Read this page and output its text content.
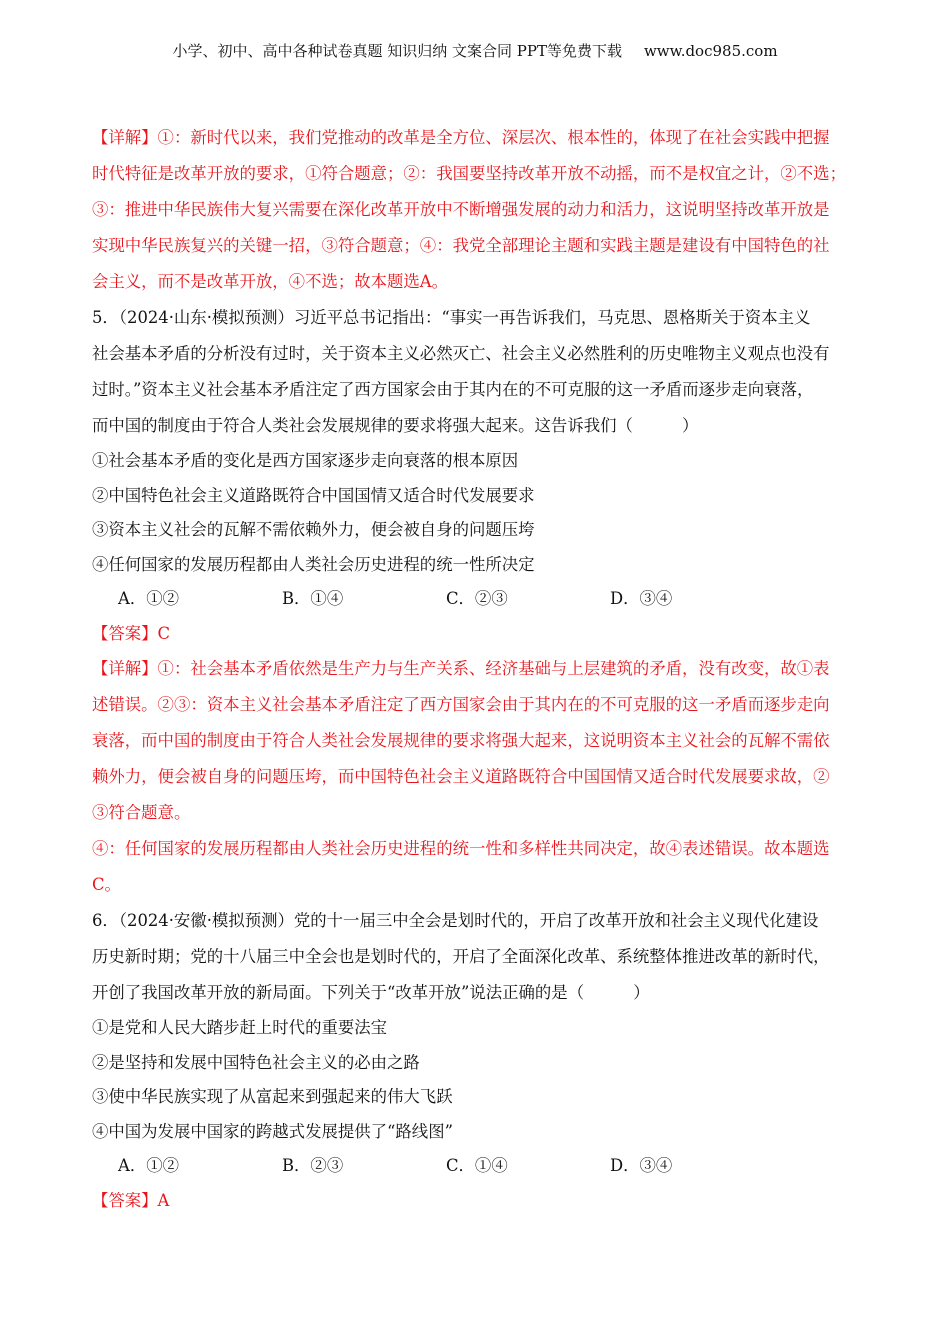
小学、初中、高中各种试卷真题 知识归纳 文案合同 PPT等免费下载 www.doc985.com
【详解】①：新时代以来，我们党推动的改革是全方位、深层次、根本性的，体现了在社会实践中把握
时代特征是改革开放的要求，①符合题意；②：我国要坚持改革开放不动摇，而不是权宜之计，②不选；
③：推进中华民族伟大复兴需要在深化改革开放中不断增强发展的动力和活力，这说明坚持改革开放是
实现中华民族复兴的关键一招，③符合题意；④：我党全部理论主题和实践主题是建设有中国特色的社
会主义，而不是改革开放，④不选；故本题选A。
5．（2024·山东·模拟预测）习近平总书记指出：“事实一再告诉我们，马克思、恩格斯关于资本主义
社会基本矛盾的分析没有过时，关于资本主义必然灭亡、社会主义必然胜利的历史唯物主义观点也没有
过时。”资本主义社会基本矛盾注定了西方国家会由于其内在的不可克服的这一矛盾而逐步走向衰落，
而中国的制度由于符合人类社会发展规律的要求将强大起来。这告诉我们（　　　）
①社会基本矛盾的变化是西方国家逐步走向衰落的根本原因
②中国特色社会主义道路既符合中国国情又适合时代发展要求
③资本主义社会的瓦解不需依赖外力，便会被自身的问题压垮
④任何国家的发展历程都由人类社会历史进程的统一性所决定
A．①②	B．①④	C．②③	D．③④
【答案】C
【详解】①：社会基本矛盾依然是生产力与生产关系、经济基础与上层建筑的矛盾，没有改变，故①表
述错误。②③：资本主义社会基本矛盾注定了西方国家会由于其内在的不可克服的这一矛盾而逐步走向
衰落，而中国的制度由于符合人类社会发展规律的要求将强大起来，这说明资本主义社会的瓦解不需依
赖外力，便会被自身的问题压垮，而中国特色社会主义道路既符合中国国情又适合时代发展要求故，②
③符合题意。
④：任何国家的发展历程都由人类社会历史进程的统一性和多样性共同决定，故④表述错误。故本题选
C。
6．（2024·安徽·模拟预测）党的十一届三中全会是划时代的，开启了改革开放和社会主义现代化建设
历史新时期；党的十八届三中全会也是划时代的，开启了全面深化改革、系统整体推进改革的新时代，
开创了我国改革开放的新局面。下列关于“改革开放”说法正确的是（　　　）
①是党和人民大踏步赶上时代的重要法宝
②是坚持和发展中国特色社会主义的必由之路
③使中华民族实现了从富起来到强起来的伟大飞跃
④中国为发展中国家的跨越式发展提供了“路线图”
A．①②	B．②③	C．①④	D．③④
【答案】A
